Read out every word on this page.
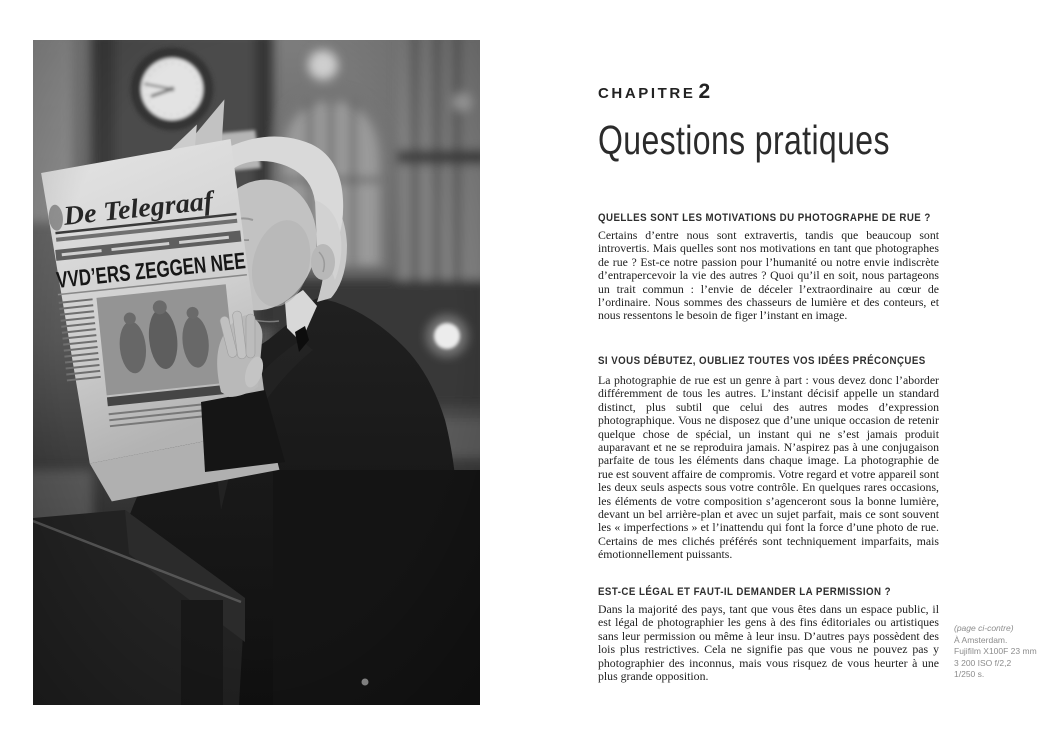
CHAPITRE 2
Questions pratiques
QUELLES SONT LES MOTIVATIONS DU PHOTOGRAPHE DE RUE ?
Certains d’entre nous sont extravertis, tandis que beaucoup sont introvertis. Mais quelles sont nos motivations en tant que photographes de rue ? Est-ce notre passion pour l’humanité ou notre envie indiscrète d’entrapercevoir la vie des autres ? Quoi qu’il en soit, nous partageons un trait commun : l’envie de déceler l’extraordinaire au cœur de l’ordinaire. Nous sommes des chasseurs de lumière et des conteurs, et nous ressentons le besoin de figer l’instant en image.
SI VOUS DÉBUTEZ, OUBLIEZ TOUTES VOS IDÉES PRÉCONÇUES
La photographie de rue est un genre à part : vous devez donc l’aborder différemment de tous les autres. L’instant décisif appelle un standard distinct, plus subtil que celui des autres modes d’expression photographique. Vous ne disposez que d’une unique occasion de retenir quelque chose de spécial, un instant qui ne s’est jamais produit auparavant et ne se reproduira jamais. N’aspirez pas à une conjugaison parfaite de tous les éléments dans chaque image. La photographie de rue est souvent affaire de compromis. Votre regard et votre appareil sont les deux seuls aspects sous votre contrôle. En quelques rares occasions, les éléments de votre composition s’agenceront sous la bonne lumière, devant un bel arrière-plan et avec un sujet parfait, mais ce sont souvent les « imperfections » et l’inattendu qui font la force d’une photo de rue. Certains de mes clichés préférés sont techniquement imparfaits, mais émotionnellement puissants.
EST-CE LÉGAL ET FAUT-IL DEMANDER LA PERMISSION ?
Dans la majorité des pays, tant que vous êtes dans un espace public, il est légal de photographier les gens à des fins éditoriales ou artistiques sans leur permission ou même à leur insu. D’autres pays possèdent des lois plus restrictives. Cela ne signifie pas que vous ne pouvez pas y photographier des inconnus, mais vous risquez de vous heurter à une plus grande opposition.
(page ci-contre)
À Amsterdam.
Fujifilm X100F 23 mm
3 200 ISO f/2,2
1/250 s.
